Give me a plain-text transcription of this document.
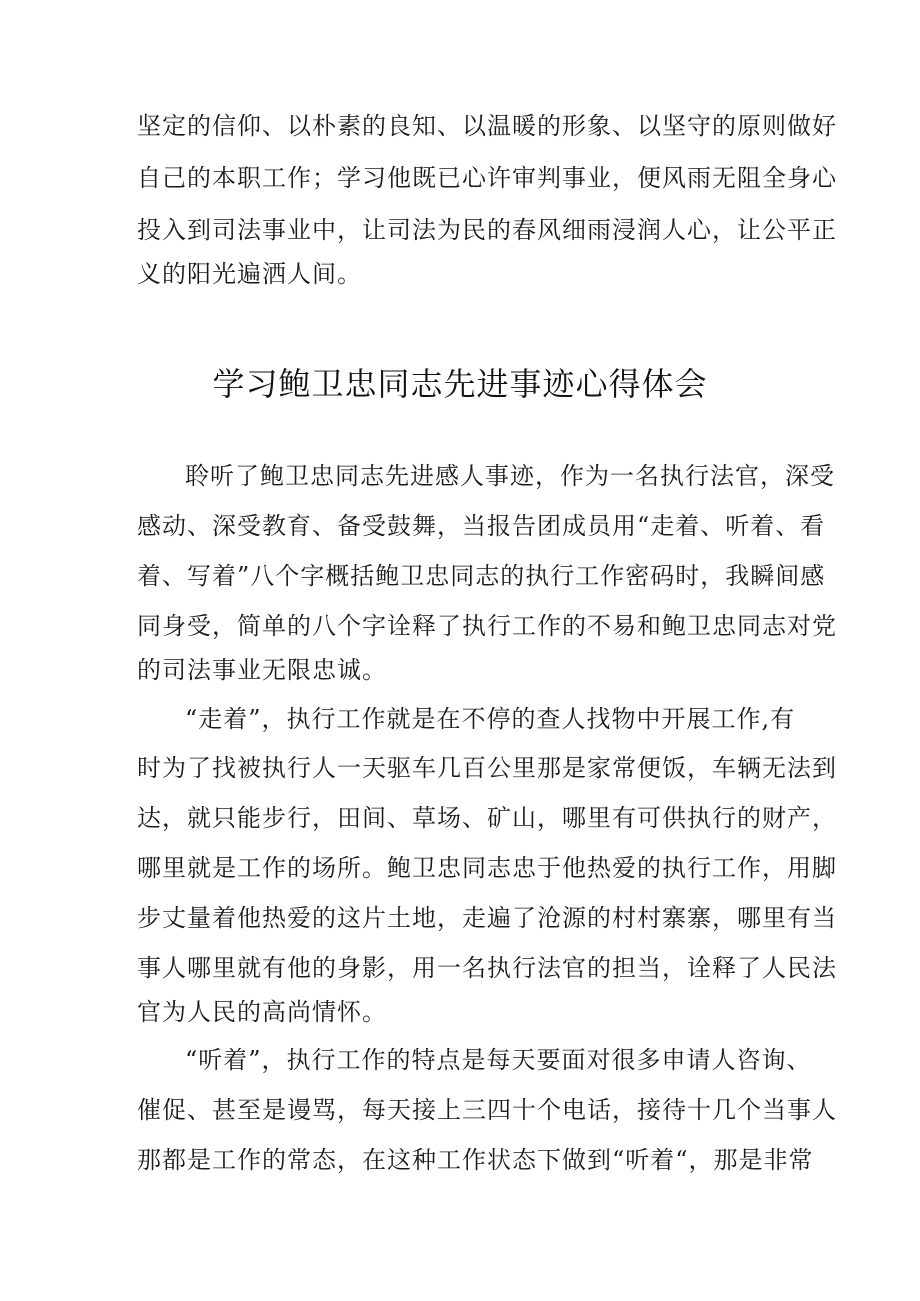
坚定的信仰、以朴素的良知、以温暖的形象、以坚守的原则做好
自己的本职工作；学习他既已心许审判事业，便风雨无阻全身心
投入到司法事业中，让司法为民的春风细雨浸润人心，让公平正
义的阳光遍洒人间。
学习鲍卫忠同志先进事迹心得体会
聆听了鲍卫忠同志先进感人事迹，作为一名执行法官，深受
感动、深受教育、备受鼓舞，当报告团成员用“走着、听着、看
着、写着”八个字概括鲍卫忠同志的执行工作密码时，我瞬间感
同身受，简单的八个字诠释了执行工作的不易和鲍卫忠同志对党
的司法事业无限忠诚。
“走着”，执行工作就是在不停的查人找物中开展工作,有
时为了找被执行人一天驱车几百公里那是家常便饭，车辆无法到
达，就只能步行，田间、草场、矿山，哪里有可供执行的财产，
哪里就是工作的场所。鲍卫忠同志忠于他热爱的执行工作，用脚
步丈量着他热爱的这片土地，走遍了沧源的村村寨寨，哪里有当
事人哪里就有他的身影，用一名执行法官的担当，诠释了人民法
官为人民的高尚情怀。
“听着”，执行工作的特点是每天要面对很多申请人咨询、
催促、甚至是谩骂，每天接上三四十个电话，接待十几个当事人
那都是工作的常态，在这种工作状态下做到“听着“，那是非常
